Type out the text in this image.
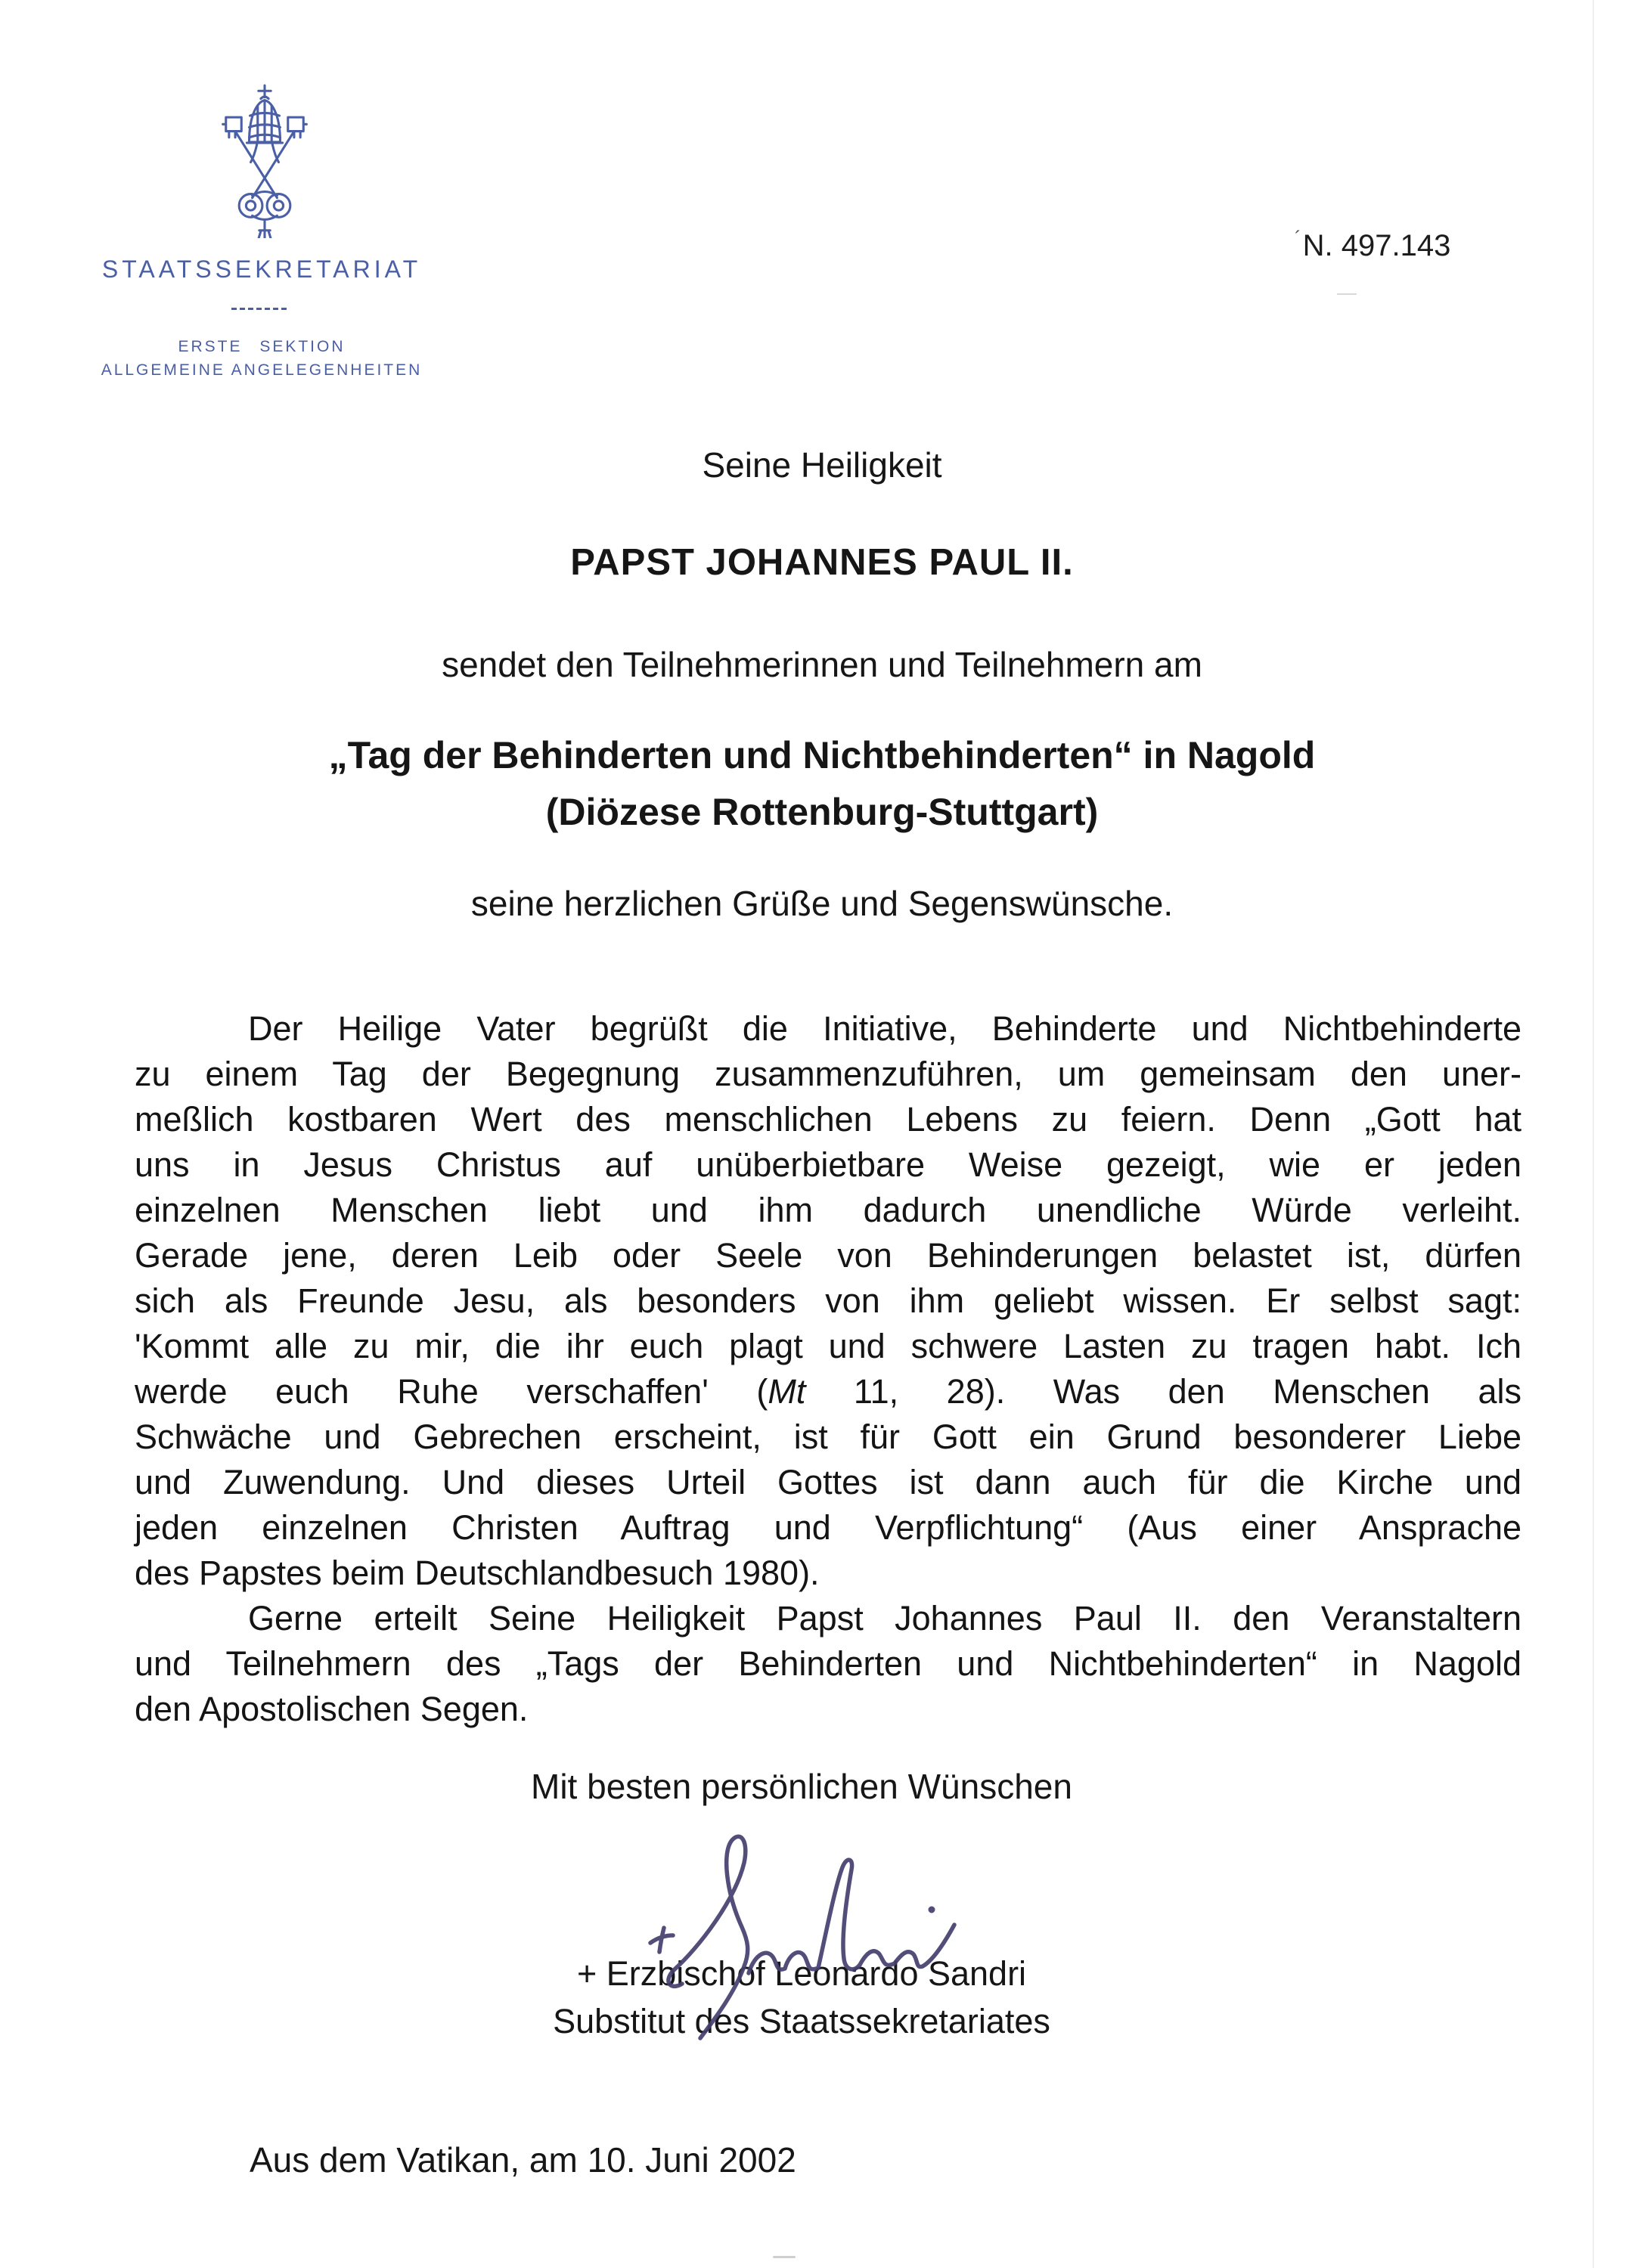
STAATSSEKRETARIAT
ERSTE SEKTION
ALLGEMEINE ANGELEGENHEITEN
´N. 497.143
Seine Heiligkeit
PAPST JOHANNES PAUL II.
sendet den Teilnehmerinnen und Teilnehmern am
„Tag der Behinderten und Nichtbehinderten“ in Nagold
(Diözese Rottenburg-Stuttgart)
seine herzlichen Grüße und Segenswünsche.
Der Heilige Vater begrüßt die Initiative, Behinderte und Nichtbehinderte
zu einem Tag der Begegnung zusammenzuführen, um gemeinsam den uner-
meßlich kostbaren Wert des menschlichen Lebens zu feiern. Denn „Gott hat
uns in Jesus Christus auf unüberbietbare Weise gezeigt, wie er jeden
einzelnen Menschen liebt und ihm dadurch unendliche Würde verleiht.
Gerade jene, deren Leib oder Seele von Behinderungen belastet ist, dürfen
sich als Freunde Jesu, als besonders von ihm geliebt wissen. Er selbst sagt:
'Kommt alle zu mir, die ihr euch plagt und schwere Lasten zu tragen habt. Ich
werde euch Ruhe verschaffen' (Mt 11, 28). Was den Menschen als
Schwäche und Gebrechen erscheint, ist für Gott ein Grund besonderer Liebe
und Zuwendung. Und dieses Urteil Gottes ist dann auch für die Kirche und
jeden einzelnen Christen Auftrag und Verpflichtung“ (Aus einer Ansprache
des Papstes beim Deutschlandbesuch 1980).
Gerne erteilt Seine Heiligkeit Papst Johannes Paul II. den Veranstaltern
und Teilnehmern des „Tags der Behinderten und Nichtbehinderten“ in Nagold
den Apostolischen Segen.
Mit besten persönlichen Wünschen
+ Erzbischof Leonardo Sandri
Substitut des Staatssekretariates
Aus dem Vatikan, am 10. Juni 2002
